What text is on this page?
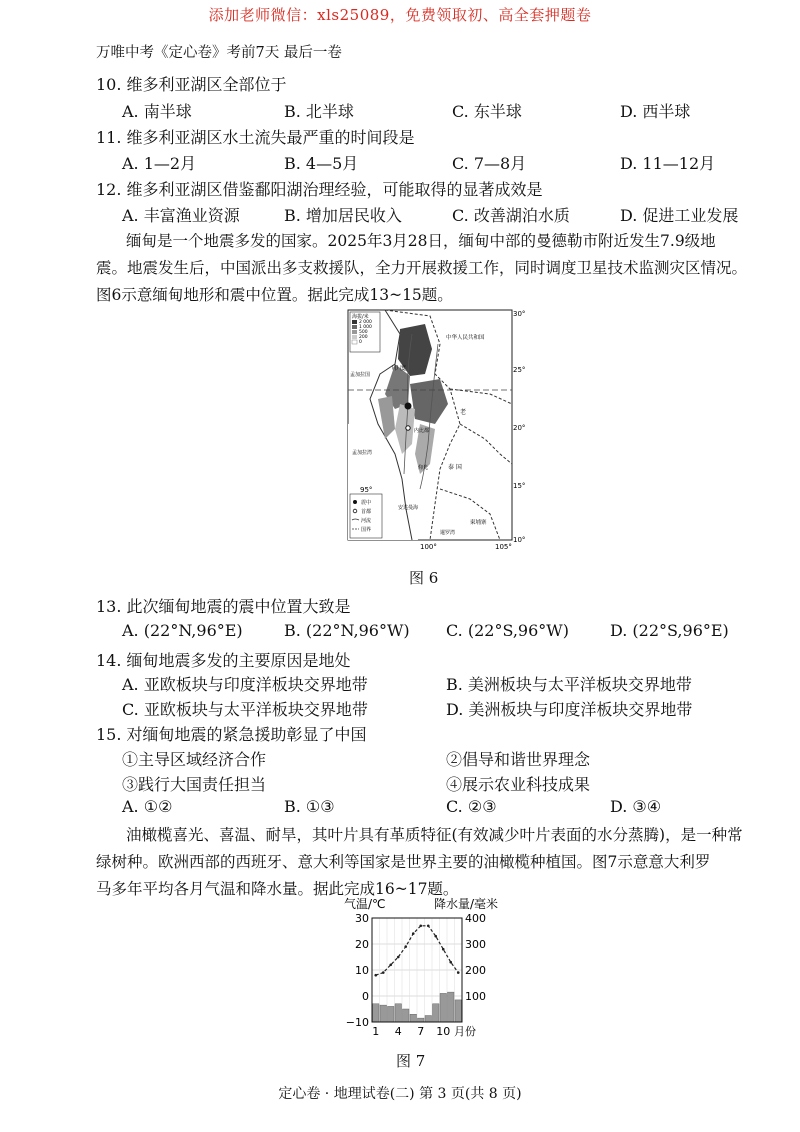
添加老师微信：xls25089，免费领取初、高全套押题卷
万唯中考《定心卷》考前7天 最后一卷
10. 维多利亚湖区全部位于
A. 南半球	B. 北半球	C. 东半球	D. 西半球
11. 维多利亚湖区水土流失最严重的时间段是
A. 1—2月	B. 4—5月	C. 7—8月	D. 11—12月
12. 维多利亚湖区借鉴鄱阳湖治理经验，可能取得的显著成效是
A. 丰富渔业资源	B. 增加居民收入	C. 改善湖泊水质	D. 促进工业发展
缅甸是一个地震多发的国家。2025年3月28日，缅甸中部的曼德勒市附近发生7.9级地
震。地震发生后，中国派出多支救援队，全力开展救援工作，同时调度卫星技术监测灾区情况。
图6示意缅甸地形和震中位置。据此完成13~15题。
海拔/米
2 000
1 000
500
200
0
中华人民共和国
印 度
孟加拉国
老
泰 国
柬埔寨
孟加拉湾
安达曼海
暹罗湾
仰光
内比都
震中
首都
河流
国界
30°
25°
20°
15°
10°
95°
100°	105°
图 6
13. 此次缅甸地震的震中位置大致是
A. (22°N,96°E)	B. (22°N,96°W) C. (22°S,96°W)	D. (22°S,96°E)
14. 缅甸地震多发的主要原因是地处
A. 亚欧板块与印度洋板块交界地带	B. 美洲板块与太平洋板块交界地带
C. 亚欧板块与太平洋板块交界地带	D. 美洲板块与印度洋板块交界地带
15. 对缅甸地震的紧急援助彰显了中国
①主导区域经济合作	②倡导和谐世界理念
③践行大国责任担当	④展示农业科技成果
A. ①②	B. ①③	C. ②③	D. ③④
油橄榄喜光、喜温、耐旱，其叶片具有革质特征(有效减少叶片表面的水分蒸腾)，是一种常
绿树种。欧洲西部的西班牙、意大利等国家是世界主要的油橄榄种植国。图7示意意大利罗
马多年平均各月气温和降水量。据此完成16~17题。
气温/℃	降水量/毫米
30
20
10
0
−10
400
300
200
100
1 4 7 10 月份
图 7
定心卷 · 地理试卷(二) 第 3 页(共 8 页)
